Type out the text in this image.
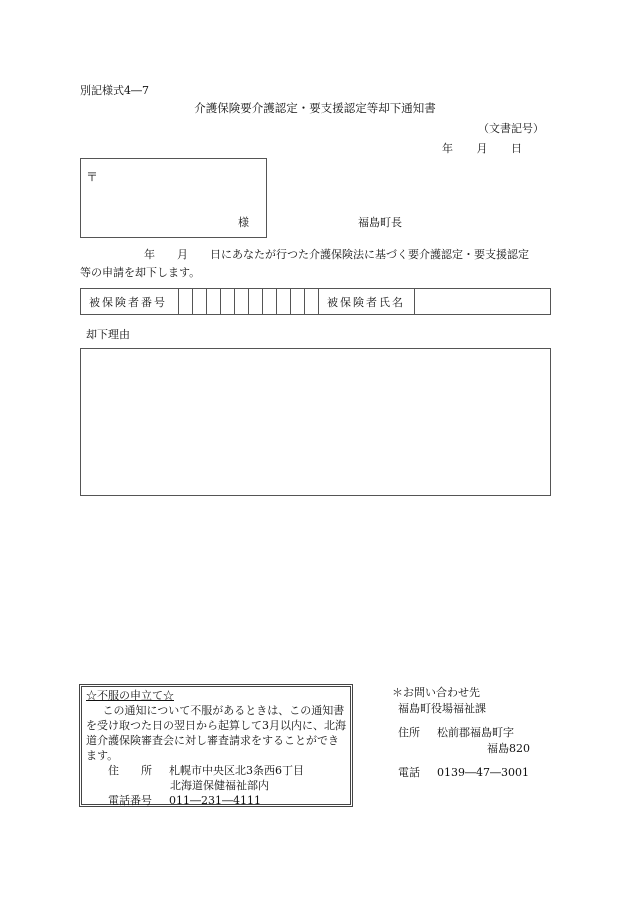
別記様式4―7
介護保険要介護認定・要支援認定等却下通知書
（文書記号）
年 月 日
〒
様	福島町長
年 月 日にあなたが行つた介護保険法に基づく要介護認定・要支援認定
等の申請を却下します。
被保険者番号	被保険者氏名
却下理由
☆不服の申立て☆

この通知について不服があるときは、この通知書を受け取つた日の翌日から起算して3月以内に、北海道介護保険審査会に対し審査請求をすることができます。

住　　所 札幌市中央区北3条西6丁目
北海道保健福祉部内
電話番号 011―231―4111
＊お問い合わせ先
福島町役場福祉課
住所 松前郡福島町字
福島820
電話 0139―47―3001
